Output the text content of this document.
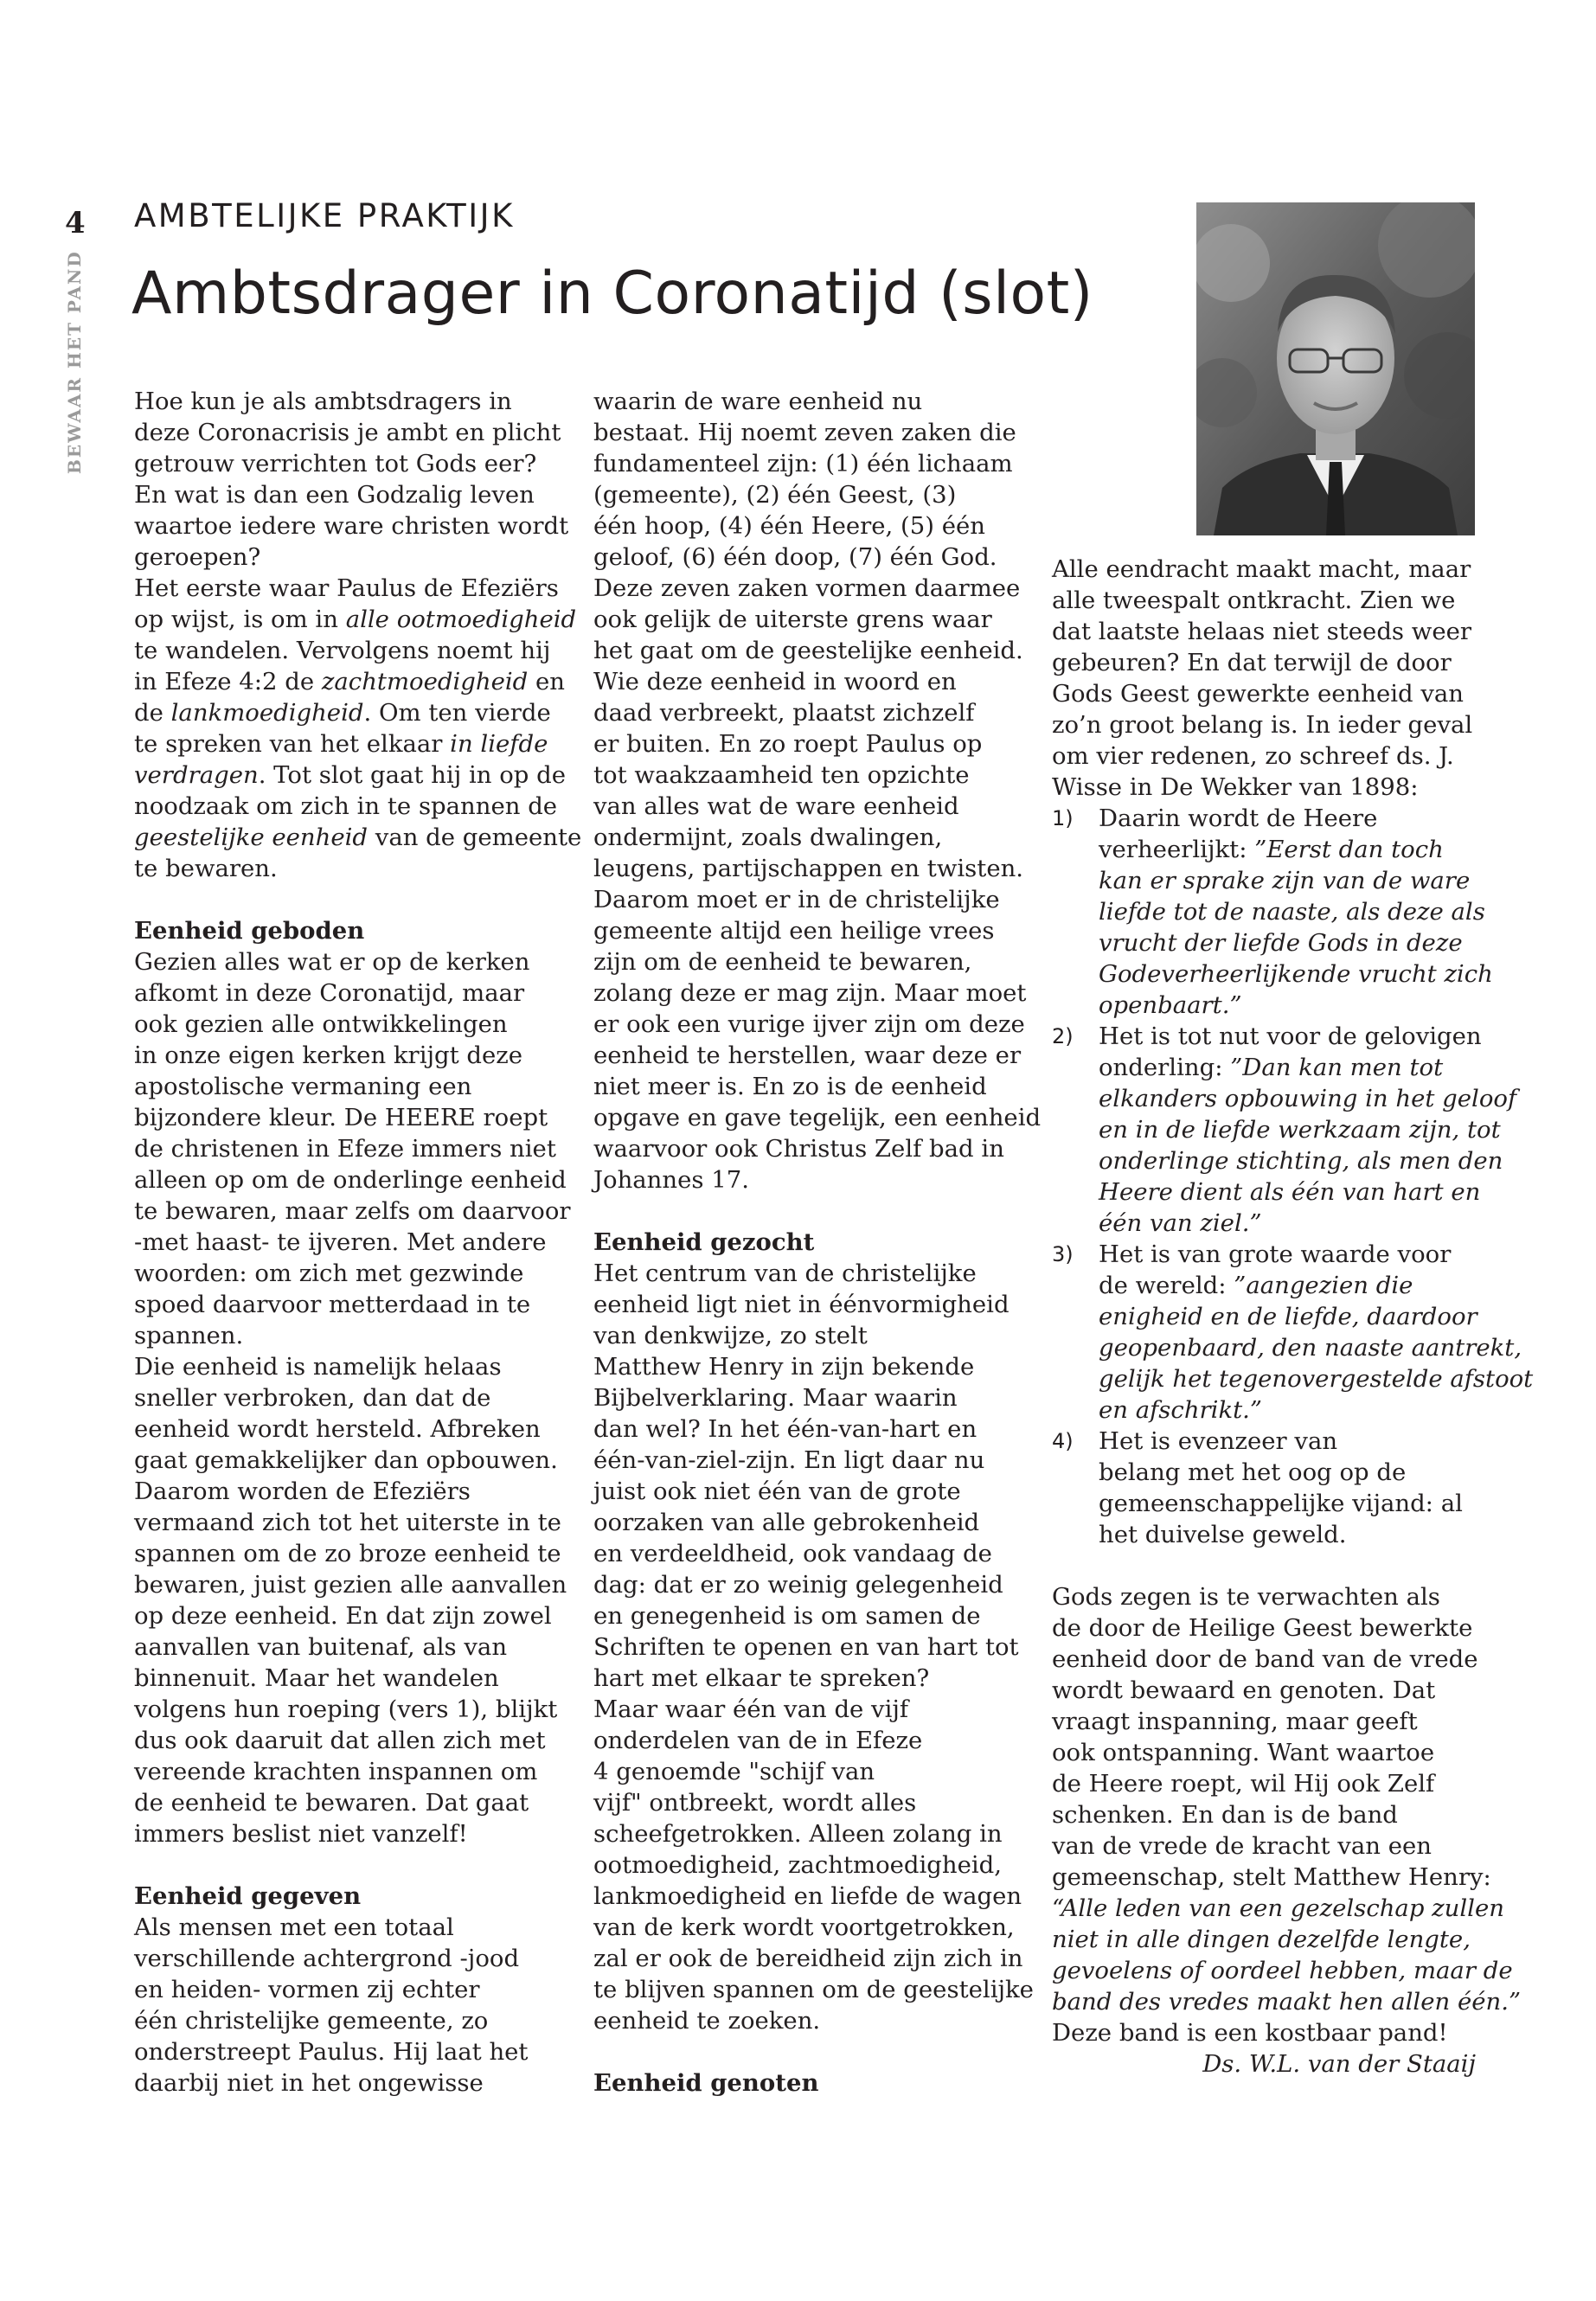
4
BEWAAR HET PAND
AMBTELIJKE PRAKTIJK
Ambtsdrager in Coronatijd (slot)

Hoe kun je als ambtsdragers in
deze Coronacrisis je ambt en plicht
getrouw verrichten tot Gods eer?
En wat is dan een Godzalig leven
waartoe iedere ware christen wordt
geroepen?

Het eerste waar Paulus de Efeziërs
op wijst, is om in alle ootmoedigheid
te wandelen. Vervolgens noemt hij
in Efeze 4:2 de zachtmoedigheid en
de lankmoedigheid. Om ten vierde
te spreken van het elkaar in liefde
verdragen. Tot slot gaat hij in op de
noodzaak om zich in te spannen de
geestelijke eenheid van de gemeente
te bewaren.

Eenheid geboden

Gezien alles wat er op de kerken
afkomt in deze Coronatijd, maar
ook gezien alle ontwikkelingen
in onze eigen kerken krijgt deze
apostolische vermaning een
bijzondere kleur. De HEERE roept
de christenen in Efeze immers niet
alleen op om de onderlinge eenheid
te bewaren, maar zelfs om daarvoor
-met haast- te ijveren. Met andere
woorden: om zich met gezwinde
spoed daarvoor metterdaad in te
spannen.

Die eenheid is namelijk helaas
sneller verbroken, dan dat de
eenheid wordt hersteld. Afbreken
gaat gemakkelijker dan opbouwen.
Daarom worden de Efeziërs
vermaand zich tot het uiterste in te
spannen om de zo broze eenheid te
bewaren, juist gezien alle aanvallen
op deze eenheid. En dat zijn zowel
aanvallen van buitenaf, als van
binnenuit. Maar het wandelen
volgens hun roeping (vers 1), blijkt
dus ook daaruit dat allen zich met
vereende krachten inspannen om
de eenheid te bewaren. Dat gaat
immers beslist niet vanzelf!

Eenheid gegeven

Als mensen met een totaal
verschillende achtergrond -jood
en heiden- vormen zij echter
één christelijke gemeente, zo
onderstreept Paulus. Hij laat het
daarbij niet in het ongewisse

waarin de ware eenheid nu
bestaat. Hij noemt zeven zaken die
fundamenteel zijn: (1) één lichaam
(gemeente), (2) één Geest, (3)
één hoop, (4) één Heere, (5) één
geloof, (6) één doop, (7) één God.
Deze zeven zaken vormen daarmee
ook gelijk de uiterste grens waar
het gaat om de geestelijke eenheid.
Wie deze eenheid in woord en
daad verbreekt, plaatst zichzelf
er buiten. En zo roept Paulus op
tot waakzaamheid ten opzichte
van alles wat de ware eenheid
ondermijnt, zoals dwalingen,
leugens, partijschappen en twisten.
Daarom moet er in de christelijke
gemeente altijd een heilige vrees
zijn om de eenheid te bewaren,
zolang deze er mag zijn. Maar moet
er ook een vurige ijver zijn om deze
eenheid te herstellen, waar deze er
niet meer is. En zo is de eenheid
opgave en gave tegelijk, een eenheid
waarvoor ook Christus Zelf bad in
Johannes 17.

Eenheid gezocht

Het centrum van de christelijke
eenheid ligt niet in éénvormigheid
van denkwijze, zo stelt
Matthew Henry in zijn bekende
Bijbelverklaring. Maar waarin
dan wel? In het één-van-hart en
één-van-ziel-zijn. En ligt daar nu
juist ook niet één van de grote
oorzaken van alle gebrokenheid
en verdeeldheid, ook vandaag de
dag: dat er zo weinig gelegenheid
en genegenheid is om samen de
Schriften te openen en van hart tot
hart met elkaar te spreken?

Maar waar één van de vijf
onderdelen van de in Efeze
4 genoemde "schijf van
vijf" ontbreekt, wordt alles
scheefgetrokken. Alleen zolang in
ootmoedigheid, zachtmoedigheid,
lankmoedigheid en liefde de wagen
van de kerk wordt voortgetrokken,
zal er ook de bereidheid zijn zich in
te blijven spannen om de geestelijke
eenheid te zoeken.

Eenheid genoten

Alle eendracht maakt macht, maar
alle tweespalt ontkracht. Zien we
dat laatste helaas niet steeds weer
gebeuren? En dat terwijl de door
Gods Geest gewerkte eenheid van
zo’n groot belang is. In ieder geval
om vier redenen, zo schreef ds. J.
Wisse in De Wekker van 1898:

1) Daarin wordt de Heere
verheerlijkt: ”Eerst dan toch
kan er sprake zijn van de ware
liefde tot de naaste, als deze als
vrucht der liefde Gods in deze
Godeverheerlijkende vrucht zich
openbaart.”
2) Het is tot nut voor de gelovigen
onderling: ”Dan kan men tot
elkanders opbouwing in het geloof
en in de liefde werkzaam zijn, tot
onderlinge stichting, als men den
Heere dient als één van hart en
één van ziel.”
3) Het is van grote waarde voor
de wereld: ”aangezien die
enigheid en de liefde, daardoor
geopenbaard, den naaste aantrekt,
gelijk het tegenovergestelde afstoot
en afschrikt.”
4) Het is evenzeer van
belang met het oog op de
gemeenschappelijke vijand: al
het duivelse geweld.

Gods zegen is te verwachten als
de door de Heilige Geest bewerkte
eenheid door de band van de vrede
wordt bewaard en genoten. Dat
vraagt inspanning, maar geeft
ook ontspanning. Want waartoe
de Heere roept, wil Hij ook Zelf
schenken. En dan is de band
van de vrede de kracht van een
gemeenschap, stelt Matthew Henry:
“Alle leden van een gezelschap zullen
niet in alle dingen dezelfde lengte,
gevoelens of oordeel hebben, maar de
band des vredes maakt hen allen één.”
Deze band is een kostbaar pand!

Ds. W.L. van der Staaij
